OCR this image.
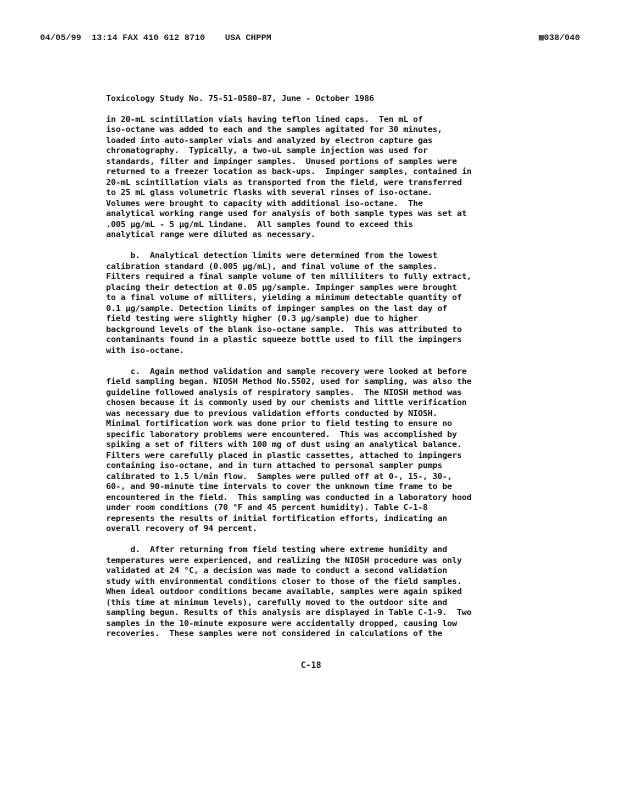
04/05/99  13:14 FAX 410 612 8710 USA CHPPM	▩038/040
Toxicology Study No. 75-51-0580-87, June - October 1986
in 20-mL scintillation vials having teflon lined caps.  Ten mL of
iso-octane was added to each and the samples agitated for 30 minutes,
loaded into auto-sampler vials and analyzed by electron capture gas
chromatography.  Typically, a two-uL sample injection was used for
standards, filter and impinger samples.  Unused portions of samples were
returned to a freezer location as back-ups.  Impinger samples, contained in
20-mL scintillation vials as transported from the field, were transferred
to 25 mL glass volumetric flasks with several rinses of iso-octane.
Volumes were brought to capacity with additional iso-octane.  The
analytical working range used for analysis of both sample types was set at
.005 µg/mL - 5 µg/mL lindane.  All samples found to exceed this
analytical range were diluted as necessary.
b.  Analytical detection limits were determined from the lowest
calibration standard (0.005 µg/mL), and final volume of the samples.
Filters required a final sample volume of ten milliliters to fully extract,
placing their detection at 0.05 µg/sample. Impinger samples were brought
to a final volume of milliters, yielding a minimum detectable quantity of
0.1 µg/sample. Detection limits of impinger samples on the last day of
field testing were slightly higher (0.3 µg/sample) due to higher
background levels of the blank iso-octane sample.  This was attributed to
contaminants found in a plastic squeeze bottle used to fill the impingers
with iso-octane.
c.  Again method validation and sample recovery were looked at before
field sampling began. NIOSH Method No.5502, used for sampling, was also the
guideline followed analysis of respiratory samples.  The NIOSH method was
chosen because it is commonly used by our chemists and little verification
was necessary due to previous validation efforts conducted by NIOSH.
Minimal fortification work was done prior to field testing to ensure no
specific laboratory problems were encountered.  This was accomplished by
spiking a set of filters with 100 mg of dust using an analytical balance.
Filters were carefully placed in plastic cassettes, attached to impingers
containing iso-octane, and in turn attached to personal sampler pumps
calibrated to 1.5 l/min flow.  Samples were pulled off at 0-, 15-, 30-,
60-, and 90-minute time intervals to cover the unknown time frame to be
encountered in the field.  This sampling was conducted in a laboratory hood
under room conditions (70 °F and 45 percent humidity). Table C-1-8
represents the results of initial fortification efforts, indicating an
overall recovery of 94 percent.
d.  After returning from field testing where extreme humidity and
temperatures were experienced, and realizing the NIOSH procedure was only
validated at 24 °C, a decision was made to conduct a second validation
study with environmental conditions closer to those of the field samples.
When ideal outdoor conditions became available, samples were again spiked
(this time at minimum levels), carefully moved to the outdoor site and
sampling begun. Results of this analysis are displayed in Table C-1-9.  Two
samples in the 10-minute exposure were accidentally dropped, causing low
recoveries.  These samples were not considered in calculations of the
C-18
